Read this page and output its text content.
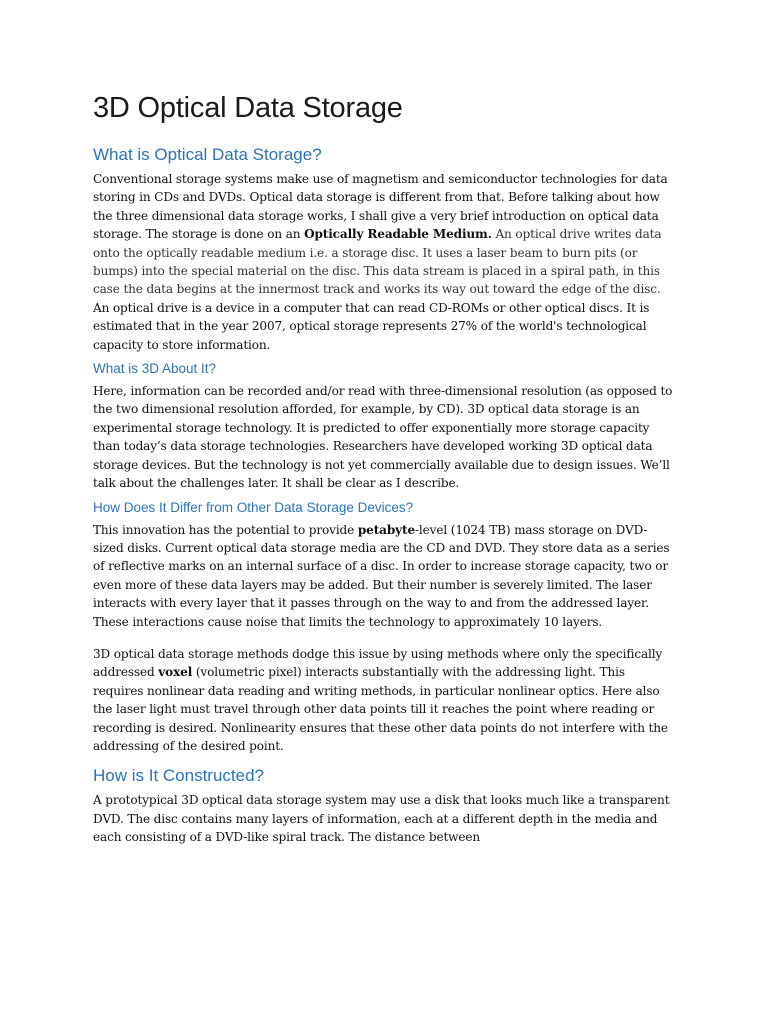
3D Optical Data Storage
What is Optical Data Storage?

Conventional storage systems make use of magnetism and semiconductor technologies for data storing in CDs and DVDs. Optical data storage is different from that. Before talking about how the three dimensional data storage works, I shall give a very brief introduction on optical data storage. The storage is done on an Optically Readable Medium. An optical drive writes data onto the optically readable medium i.e. a storage disc. It uses a laser beam to burn pits (or bumps) into the special material on the disc. This data stream is placed in a spiral path, in this case the data begins at the innermost track and works its way out toward the edge of the disc. An optical drive is a device in a computer that can read CD-ROMs or other optical discs. It is estimated that in the year 2007, optical storage represents 27% of the world's technological capacity to store information.

What is 3D About It?

Here, information can be recorded and/or read with three-dimensional resolution (as opposed to the two dimensional resolution afforded, for example, by CD). 3D optical data storage is an experimental storage technology. It is predicted to offer exponentially more storage capacity than today’s data storage technologies. Researchers have developed working 3D optical data storage devices. But the technology is not yet commercially available due to design issues. We’ll talk about the challenges later. It shall be clear as I describe.

How Does It Differ from Other Data Storage Devices?

This innovation has the potential to provide petabyte-level (1024 TB) mass storage on DVD-sized disks. Current optical data storage media are the CD and DVD. They store data as a series of reflective marks on an internal surface of a disc. In order to increase storage capacity, two or even more of these data layers may be added. But their number is severely limited. The laser interacts with every layer that it passes through on the way to and from the addressed layer. These interactions cause noise that limits the technology to approximately 10 layers.

3D optical data storage methods dodge this issue by using methods where only the specifically addressed voxel (volumetric pixel) interacts substantially with the addressing light. This requires nonlinear data reading and writing methods, in particular nonlinear optics. Here also the laser light must travel through other data points till it reaches the point where reading or recording is desired. Nonlinearity ensures that these other data points do not interfere with the addressing of the desired point.

How is It Constructed?

A prototypical 3D optical data storage system may use a disk that looks much like a transparent DVD. The disc contains many layers of information, each at a different depth in the media and each consisting of a DVD-like spiral track. The distance between
